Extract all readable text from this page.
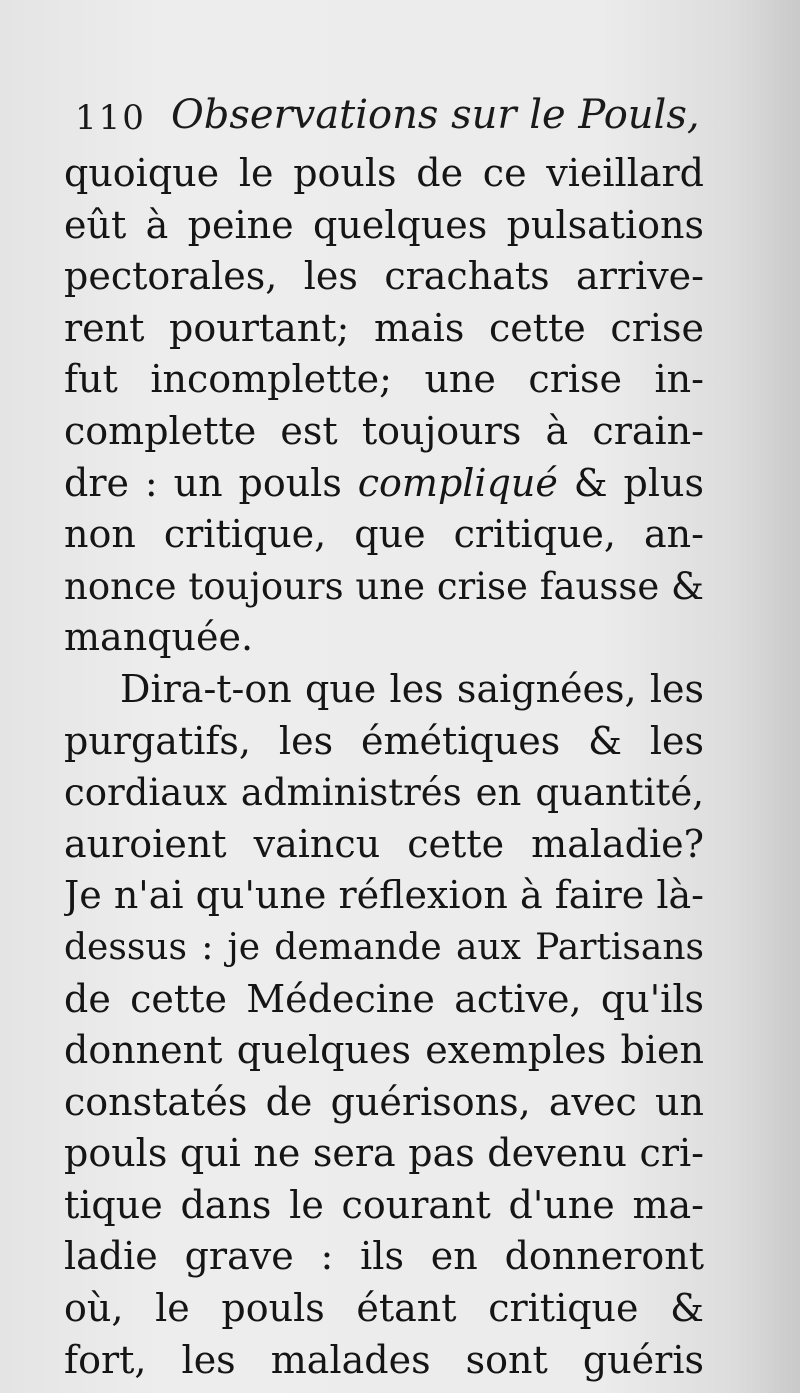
110 Observations sur le Pouls,
quoique le pouls de ce vieillard
eût à peine quelques pulsations
pectorales, les crachats arrive-
rent pourtant; mais cette crise
fut incomplette; une crise in-
complette est toujours à crain-
dre : un pouls compliqué & plus
non critique, que critique, an-
nonce toujours une crise fausse &
manquée.
Dira-t-on que les saignées, les
purgatifs, les émétiques & les
cordiaux administrés en quantité,
auroient vaincu cette maladie?
Je n'ai qu'une réflexion à faire là-
dessus : je demande aux Partisans
de cette Médecine active, qu'ils
donnent quelques exemples bien
constatés de guérisons, avec un
pouls qui ne sera pas devenu cri-
tique dans le courant d'une ma-
ladie grave : ils en donneront
où, le pouls étant critique &
fort, les malades sont guéris
